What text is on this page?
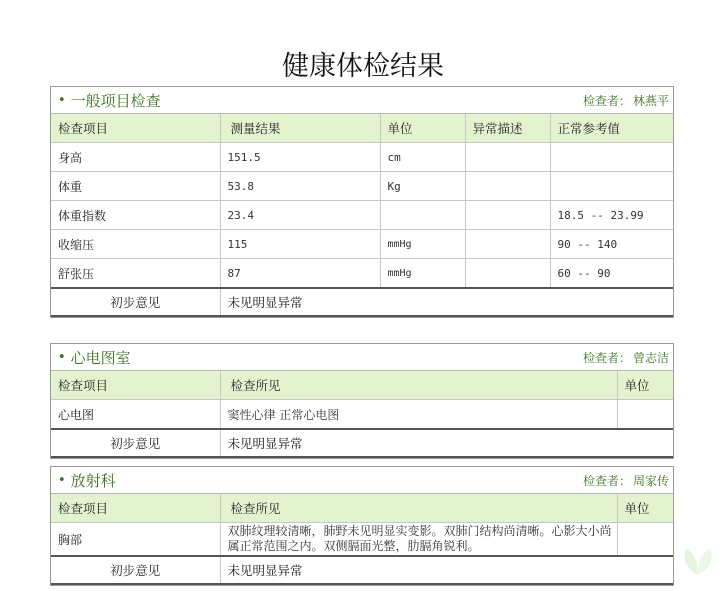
健康体检结果
• 一般项目检查	检查者： 林燕平
检查项目	测量结果	单位	异常描述	正常参考值
身高	151.5	cm		
体重	53.8	Kg		
体重指数	23.4			18.5 -- 23.99
收缩压	115	mmHg		90 -- 140
舒张压	87	mmHg		60 -- 90
初步意见	未见明显异常			
• 心电图室	检查者： 曾志洁
检查项目	检查所见	单位
心电图	窦性心律 正常心电图	
初步意见	未见明显异常	
• 放射科	检查者： 周家传
检查项目	检查所见	单位
胸部	双肺纹理较清晰，肺野未见明显实变影。双肺门结构尚清晰。心影大小尚属正常范围之内。双侧膈面光整，肋膈角锐利。	
初步意见	未见明显异常	
